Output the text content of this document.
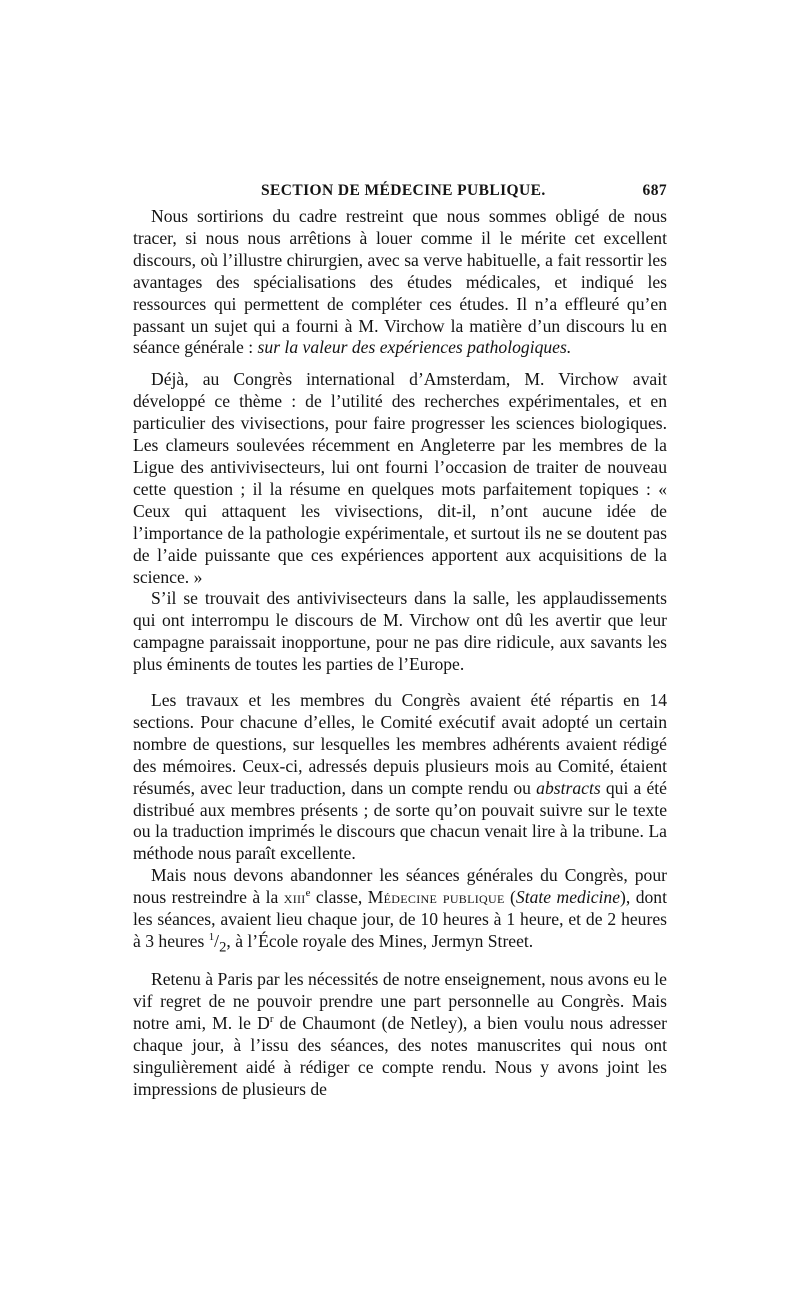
SECTION DE MÉDECINE PUBLIQUE.	687

Nous sortirions du cadre restreint que nous sommes obligé de nous tracer, si nous nous arrêtions à louer comme il le mérite cet excellent discours, où l’illustre chirurgien, avec sa verve habituelle, a fait ressortir les avantages des spécialisations des études médicales, et indiqué les ressources qui permettent de compléter ces études. Il n’a effleuré qu’en passant un sujet qui a fourni à M. Virchow la matière d’un discours lu en séance générale : sur la valeur des expériences pathologiques.

Déjà, au Congrès international d’Amsterdam, M. Virchow avait développé ce thème : de l’utilité des recherches expérimentales, et en particulier des vivisections, pour faire progresser les sciences biologiques. Les clameurs soulevées récemment en Angleterre par les membres de la Ligue des antivivisecteurs, lui ont fourni l’occasion de traiter de nouveau cette question ; il la résume en quelques mots parfaitement topiques : « Ceux qui attaquent les vivisections, dit-il, n’ont aucune idée de l’importance de la pathologie expérimentale, et surtout ils ne se doutent pas de l’aide puissante que ces expériences apportent aux acquisitions de la science. »

S’il se trouvait des antivivisecteurs dans la salle, les applaudissements qui ont interrompu le discours de M. Virchow ont dû les avertir que leur campagne paraissait inopportune, pour ne pas dire ridicule, aux savants les plus éminents de toutes les parties de l’Europe.

Les travaux et les membres du Congrès avaient été répartis en 14 sections. Pour chacune d’elles, le Comité exécutif avait adopté un certain nombre de questions, sur lesquelles les membres adhérents avaient rédigé des mémoires. Ceux-ci, adressés depuis plusieurs mois au Comité, étaient résumés, avec leur traduction, dans un compte rendu ou abstracts qui a été distribué aux membres présents ; de sorte qu’on pouvait suivre sur le texte ou la traduction imprimés le discours que chacun venait lire à la tribune. La méthode nous paraît excellente.

Mais nous devons abandonner les séances générales du Congrès, pour nous restreindre à la xiii$^e$ classe, Médecine publique (State medicine), dont les séances, avaient lieu chaque jour, de 10 heures à 1 heure, et de 2 heures à 3 heures $^1/_2$, à l’École royale des Mines, Jermyn Street.

Retenu à Paris par les nécessités de notre enseignement, nous avons eu le vif regret de ne pouvoir prendre une part personnelle au Congrès. Mais notre ami, M. le $D^r$ de Chaumont (de Netley), a bien voulu nous adresser chaque jour, à l’issu des séances, des notes manuscrites qui nous ont singulièrement aidé à rédiger ce compte rendu. Nous y avons joint les impressions de plusieurs de
